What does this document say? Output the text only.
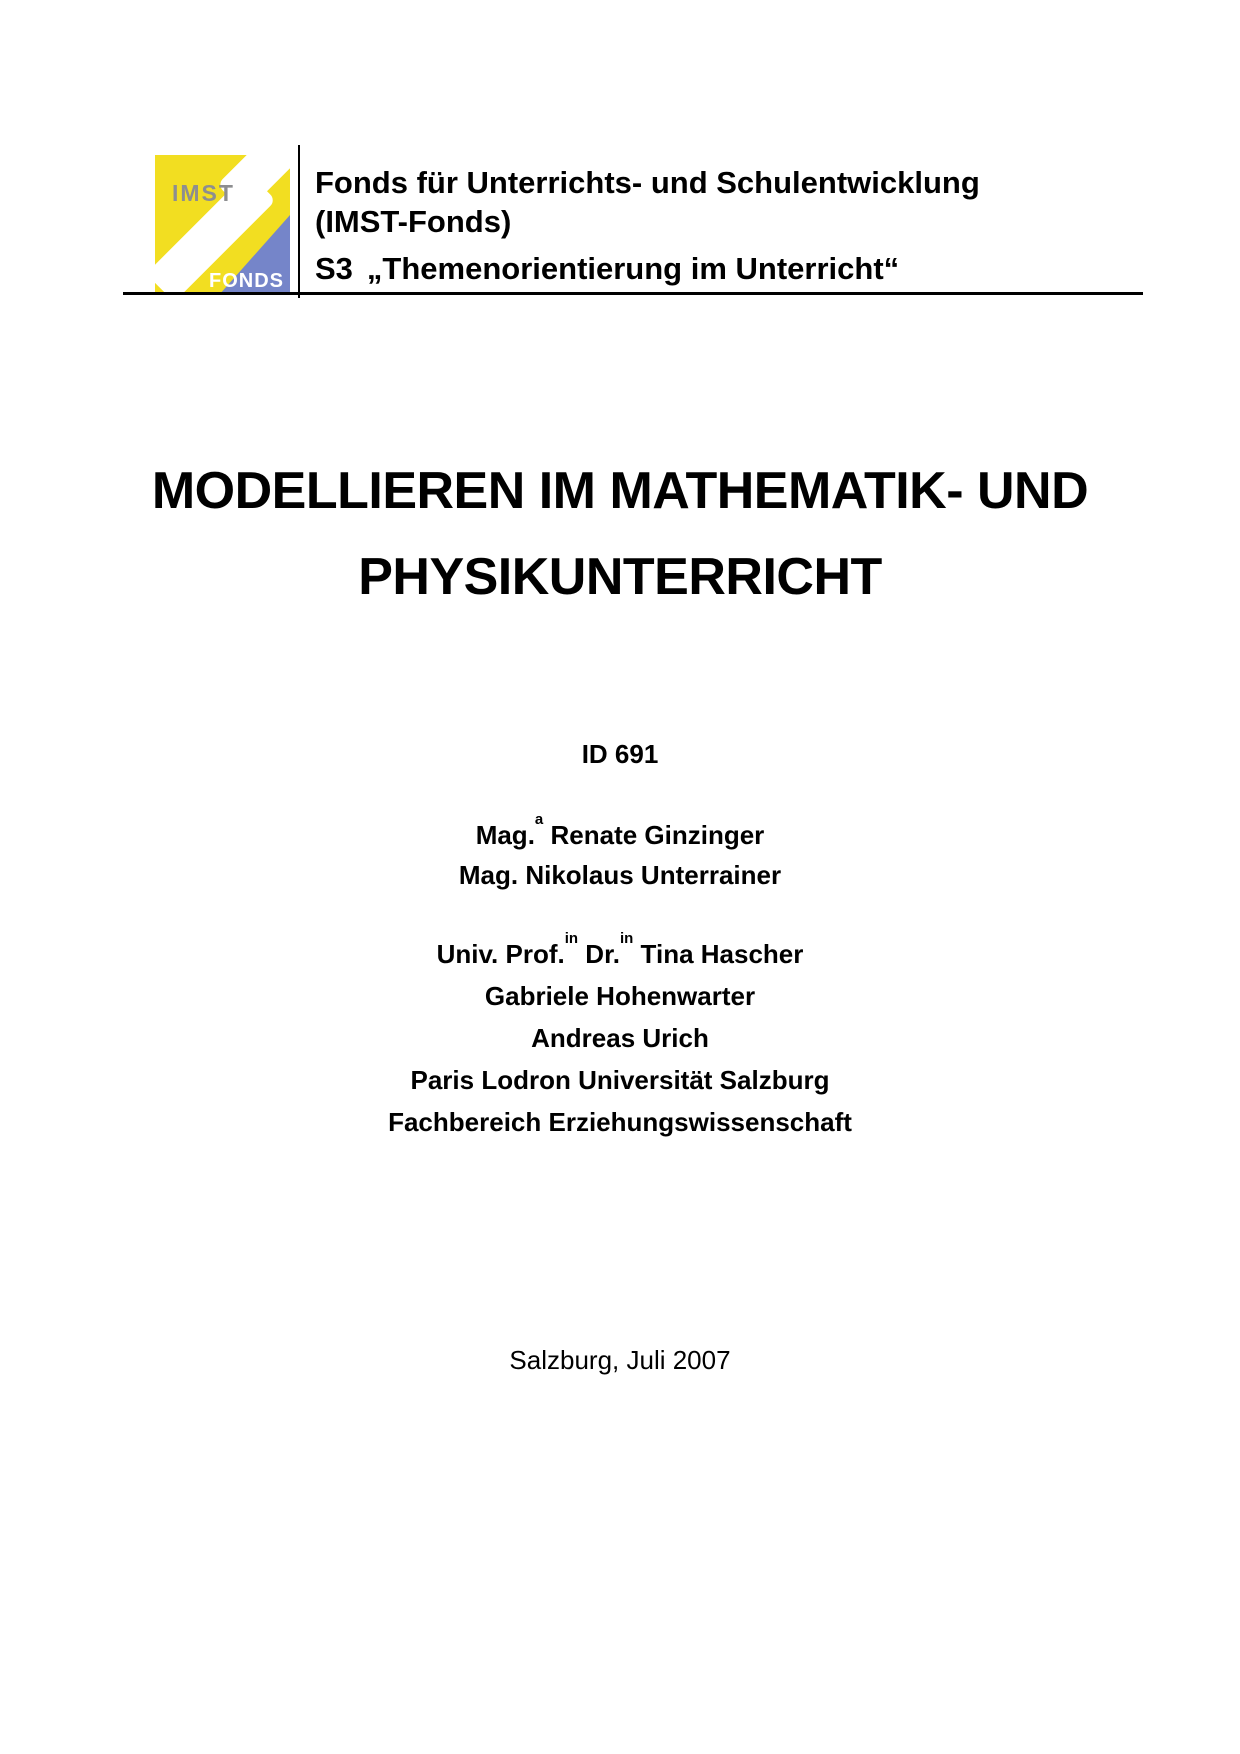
IMST
FONDS
Fonds für Unterrichts- und Schulentwicklung
(IMST-Fonds)
S3 „Themenorientierung im Unterricht“
MODELLIEREN IM MATHEMATIK- UND
PHYSIKUNTERRICHT
ID 691
Mag.$^a$ Renate Ginzinger
Mag. Nikolaus Unterrainer
Univ. Prof.$^{in}$ Dr.$^{in}$ Tina Hascher
Gabriele Hohenwarter
Andreas Urich
Paris Lodron Universität Salzburg
Fachbereich Erziehungswissenschaft
Salzburg, Juli 2007
